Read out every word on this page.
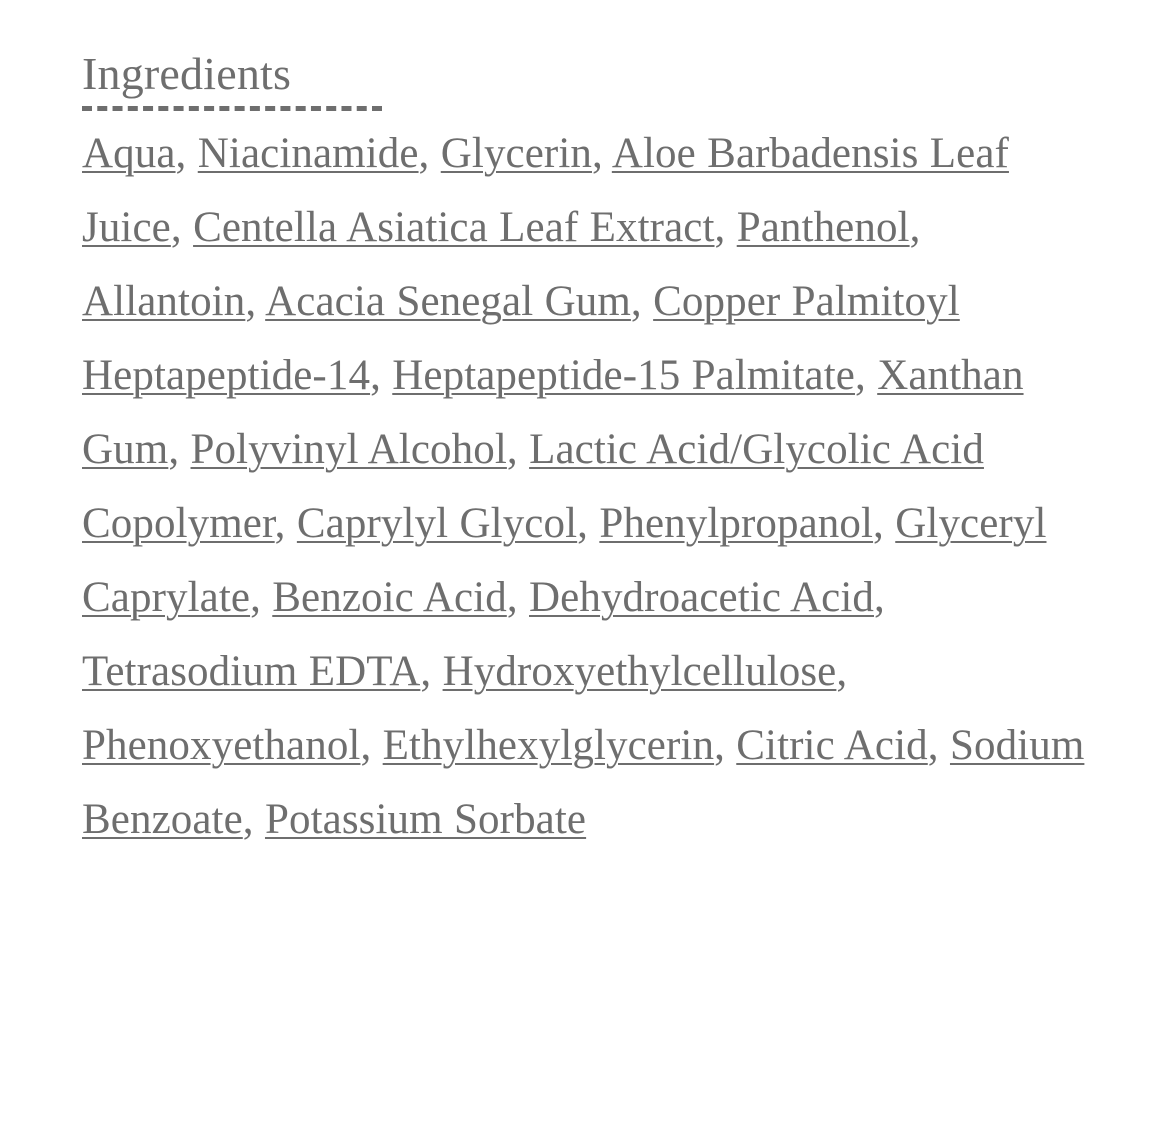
Ingredients
Aqua, Niacinamide, Glycerin, Aloe Barbadensis Leaf Juice, Centella Asiatica Leaf Extract, Panthenol, Allantoin, Acacia Senegal Gum, Copper Palmitoyl Heptapeptide-14, Heptapeptide-15 Palmitate, Xanthan Gum, Polyvinyl Alcohol, Lactic Acid/Glycolic Acid Copolymer, Caprylyl Glycol, Phenylpropanol, Glyceryl Caprylate, Benzoic Acid, Dehydroacetic Acid, Tetrasodium EDTA, Hydroxyethylcellulose, Phenoxyethanol, Ethylhexylglycerin, Citric Acid, Sodium Benzoate, Potassium Sorbate
